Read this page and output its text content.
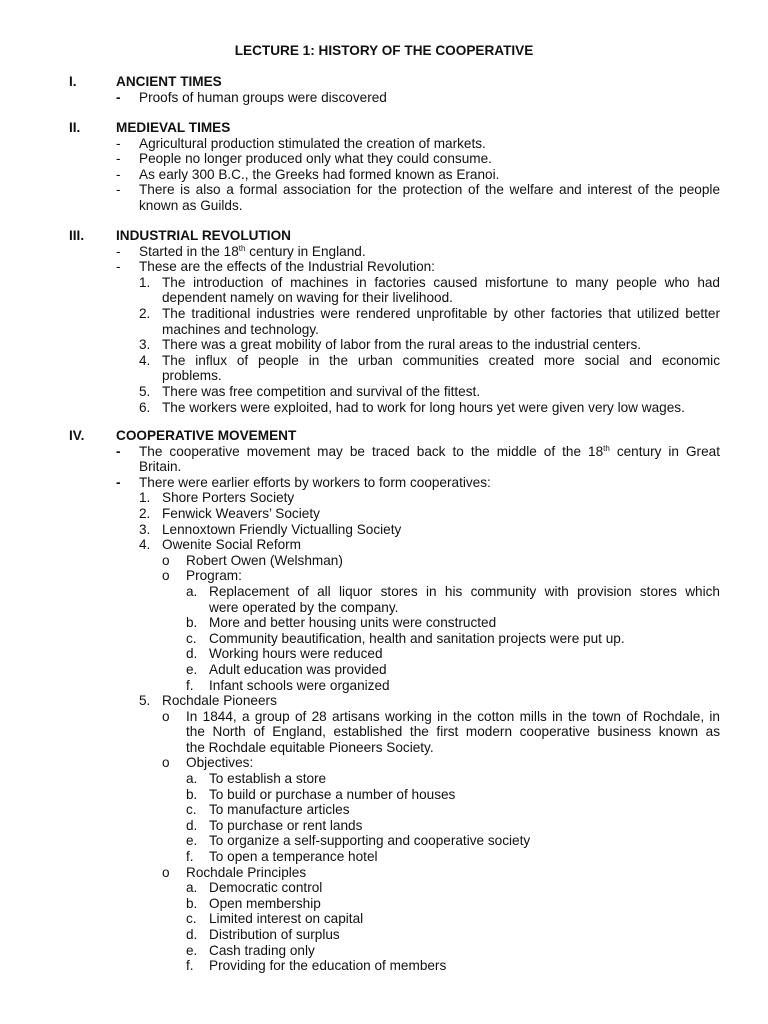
LECTURE 1: HISTORY OF THE COOPERATIVE
I.	ANCIENT TIMES
- Proofs of human groups were discovered
II.	MEDIEVAL TIMES
- Agricultural production stimulated the creation of markets.
- People no longer produced only what they could consume.
- As early 300 B.C., the Greeks had formed known as Eranoi.
- There is also a formal association for the protection of the welfare and interest of the people
known as Guilds.
III. INDUSTRIAL REVOLUTION
- Started in the 18th century in England.
- These are the effects of the Industrial Revolution:
1. The introduction of machines in factories caused misfortune to many people who had
dependent namely on waving for their livelihood.
2. The traditional industries were rendered unprofitable by other factories that utilized better
machines and technology.
3. There was a great mobility of labor from the rural areas to the industrial centers.
4. The influx of people in the urban communities created more social and economic
problems.
5. There was free competition and survival of the fittest.
6. The workers were exploited, had to work for long hours yet were given very low wages.
IV. COOPERATIVE MOVEMENT
- The cooperative movement may be traced back to the middle of the 18th century in Great
Britain.
- There were earlier efforts by workers to form cooperatives:
1. Shore Porters Society
2. Fenwick Weavers’ Society
3. Lennoxtown Friendly Victualling Society
4. Owenite Social Reform
o Robert Owen (Welshman)
o Program:
a. Replacement of all liquor stores in his community with provision stores which
were operated by the company.
b. More and better housing units were constructed
c. Community beautification, health and sanitation projects were put up.
d. Working hours were reduced
e. Adult education was provided
f. Infant schools were organized
5. Rochdale Pioneers
o In 1844, a group of 28 artisans working in the cotton mills in the town of Rochdale, in
the North of England, established the first modern cooperative business known as
the Rochdale equitable Pioneers Society.
o Objectives:
a. To establish a store
b. To build or purchase a number of houses
c. To manufacture articles
d. To purchase or rent lands
e. To organize a self-supporting and cooperative society
f. To open a temperance hotel
o Rochdale Principles
a. Democratic control
b. Open membership
c. Limited interest on capital
d. Distribution of surplus
e. Cash trading only
f. Providing for the education of members
